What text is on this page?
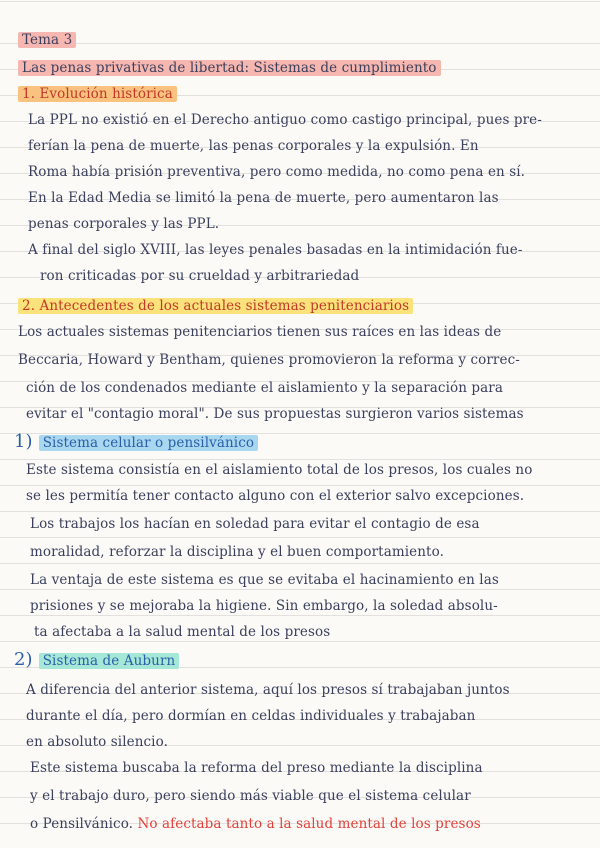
Tema 3
Las penas privativas de libertad: Sistemas de cumplimiento
1. Evolución histórica
La PPL no existió en el Derecho antiguo como castigo principal, pues pre-
ferían la pena de muerte, las penas corporales y la expulsión. En
Roma había prisión preventiva, pero como medida, no como pena en sí.
En la Edad Media se limitó la pena de muerte, pero aumentaron las
penas corporales y las PPL.
A final del siglo XVIII, las leyes penales basadas en la intimidación fue-
ron criticadas por su crueldad y arbitrariedad
2. Antecedentes de los actuales sistemas penitenciarios
Los actuales sistemas penitenciarios tienen sus raíces en las ideas de
Beccaria, Howard y Bentham, quienes promovieron la reforma y correc-
ción de los condenados mediante el aislamiento y la separación para
evitar el "contagio moral". De sus propuestas surgieron varios sistemas
1) Sistema celular o pensilvánico
Este sistema consistía en el aislamiento total de los presos, los cuales no
se les permitía tener contacto alguno con el exterior salvo excepciones.
Los trabajos los hacían en soledad para evitar el contagio de esa
moralidad, reforzar la disciplina y el buen comportamiento.
La ventaja de este sistema es que se evitaba el hacinamiento en las
prisiones y se mejoraba la higiene. Sin embargo, la soledad absolu-
ta afectaba a la salud mental de los presos
2) Sistema de Auburn
A diferencia del anterior sistema, aquí los presos sí trabajaban juntos
durante el día, pero dormían en celdas individuales y trabajaban
en absoluto silencio.
Este sistema buscaba la reforma del preso mediante la disciplina
y el trabajo duro, pero siendo más viable que el sistema celular
o Pensilvánico. No afectaba tanto a la salud mental de los presos
